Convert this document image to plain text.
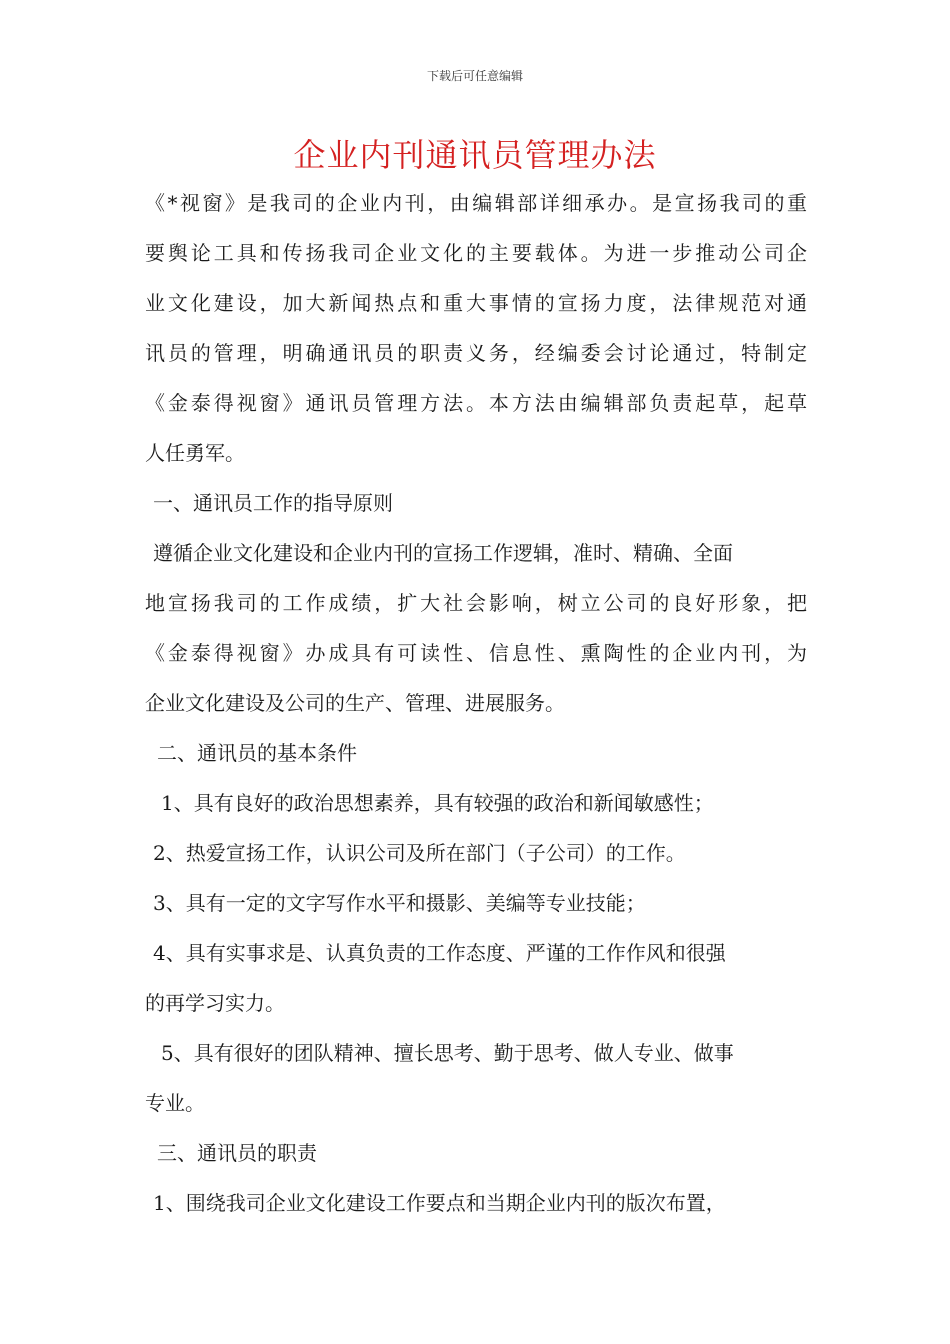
下载后可任意编辑
企业内刊通讯员管理办法
《*视窗》是我司的企业内刊，由编辑部详细承办。是宣扬我司的重
要舆论工具和传扬我司企业文化的主要载体。为进一步推动公司企
业文化建设，加大新闻热点和重大事情的宣扬力度，法律规范对通
讯员的管理，明确通讯员的职责义务，经编委会讨论通过，特制定
《金泰得视窗》通讯员管理方法。本方法由编辑部负责起草，起草
人任勇军。
一、通讯员工作的指导原则
遵循企业文化建设和企业内刊的宣扬工作逻辑，准时、精确、全面
地宣扬我司的工作成绩，扩大社会影响，树立公司的良好形象，把
《金泰得视窗》办成具有可读性、信息性、熏陶性的企业内刊，为
企业文化建设及公司的生产、管理、进展服务。
二、通讯员的基本条件
1、具有良好的政治思想素养，具有较强的政治和新闻敏感性；
2、热爱宣扬工作，认识公司及所在部门（子公司）的工作。
3、具有一定的文字写作水平和摄影、美编等专业技能；
4、具有实事求是、认真负责的工作态度、严谨的工作作风和很强
的再学习实力。
5、具有很好的团队精神、擅长思考、勤于思考、做人专业、做事
专业。
三、通讯员的职责
1、围绕我司企业文化建设工作要点和当期企业内刊的版次布置，
